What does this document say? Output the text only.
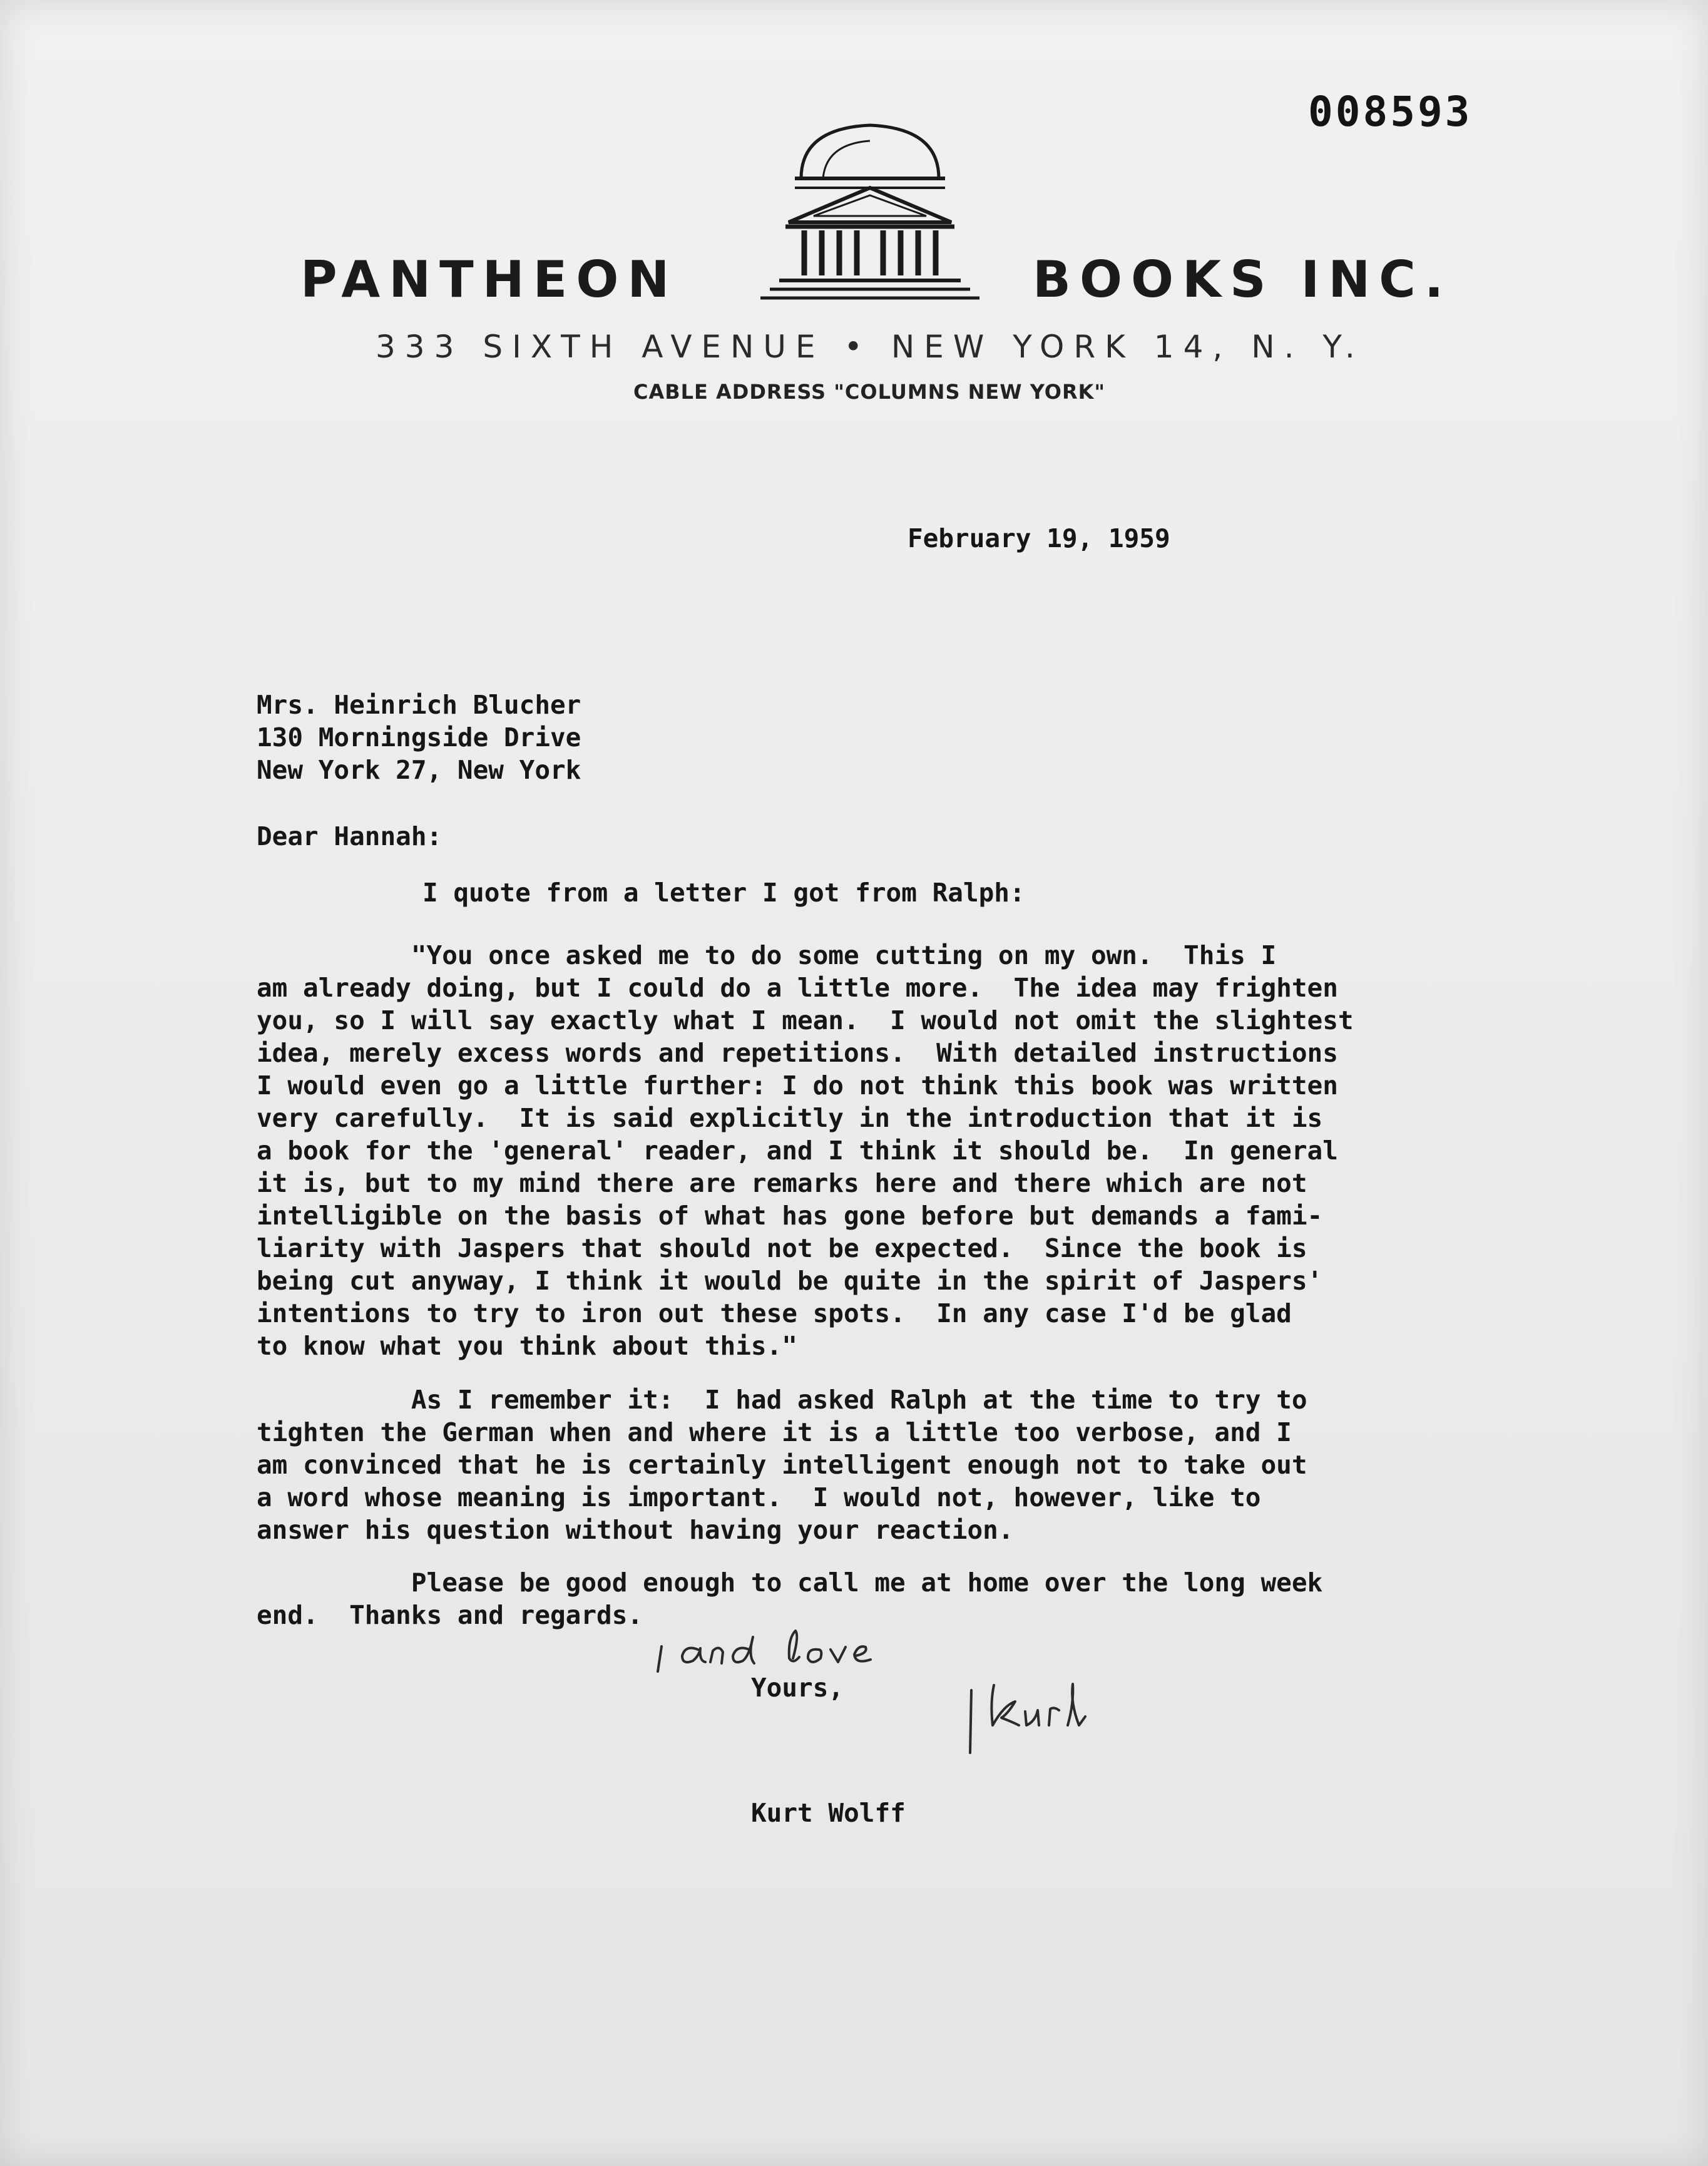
008593
PANTHEON	BOOKS INC.
333 SIXTH AVENUE • NEW YORK 14, N. Y.
CABLE ADDRESS "COLUMNS NEW YORK"
February 19, 1959
Mrs. Heinrich Blucher
130 Morningside Drive
New York 27, New York
Dear Hannah:
I quote from a letter I got from Ralph:
"You once asked me to do some cutting on my own.  This I
am already doing, but I could do a little more.  The idea may frighten
you, so I will say exactly what I mean.  I would not omit the slightest
idea, merely excess words and repetitions.  With detailed instructions
I would even go a little further: I do not think this book was written
very carefully.  It is said explicitly in the introduction that it is
a book for the 'general' reader, and I think it should be.  In general
it is, but to my mind there are remarks here and there which are not
intelligible on the basis of what has gone before but demands a fami-
liarity with Jaspers that should not be expected.  Since the book is
being cut anyway, I think it would be quite in the spirit of Jaspers'
intentions to try to iron out these spots.  In any case I'd be glad
to know what you think about this."
As I remember it:  I had asked Ralph at the time to try to
tighten the German when and where it is a little too verbose, and I
am convinced that he is certainly intelligent enough not to take out
a word whose meaning is important.  I would not, however, like to
answer his question without having your reaction.
Please be good enough to call me at home over the long week
end.  Thanks and regards.
Yours,
Kurt Wolff
